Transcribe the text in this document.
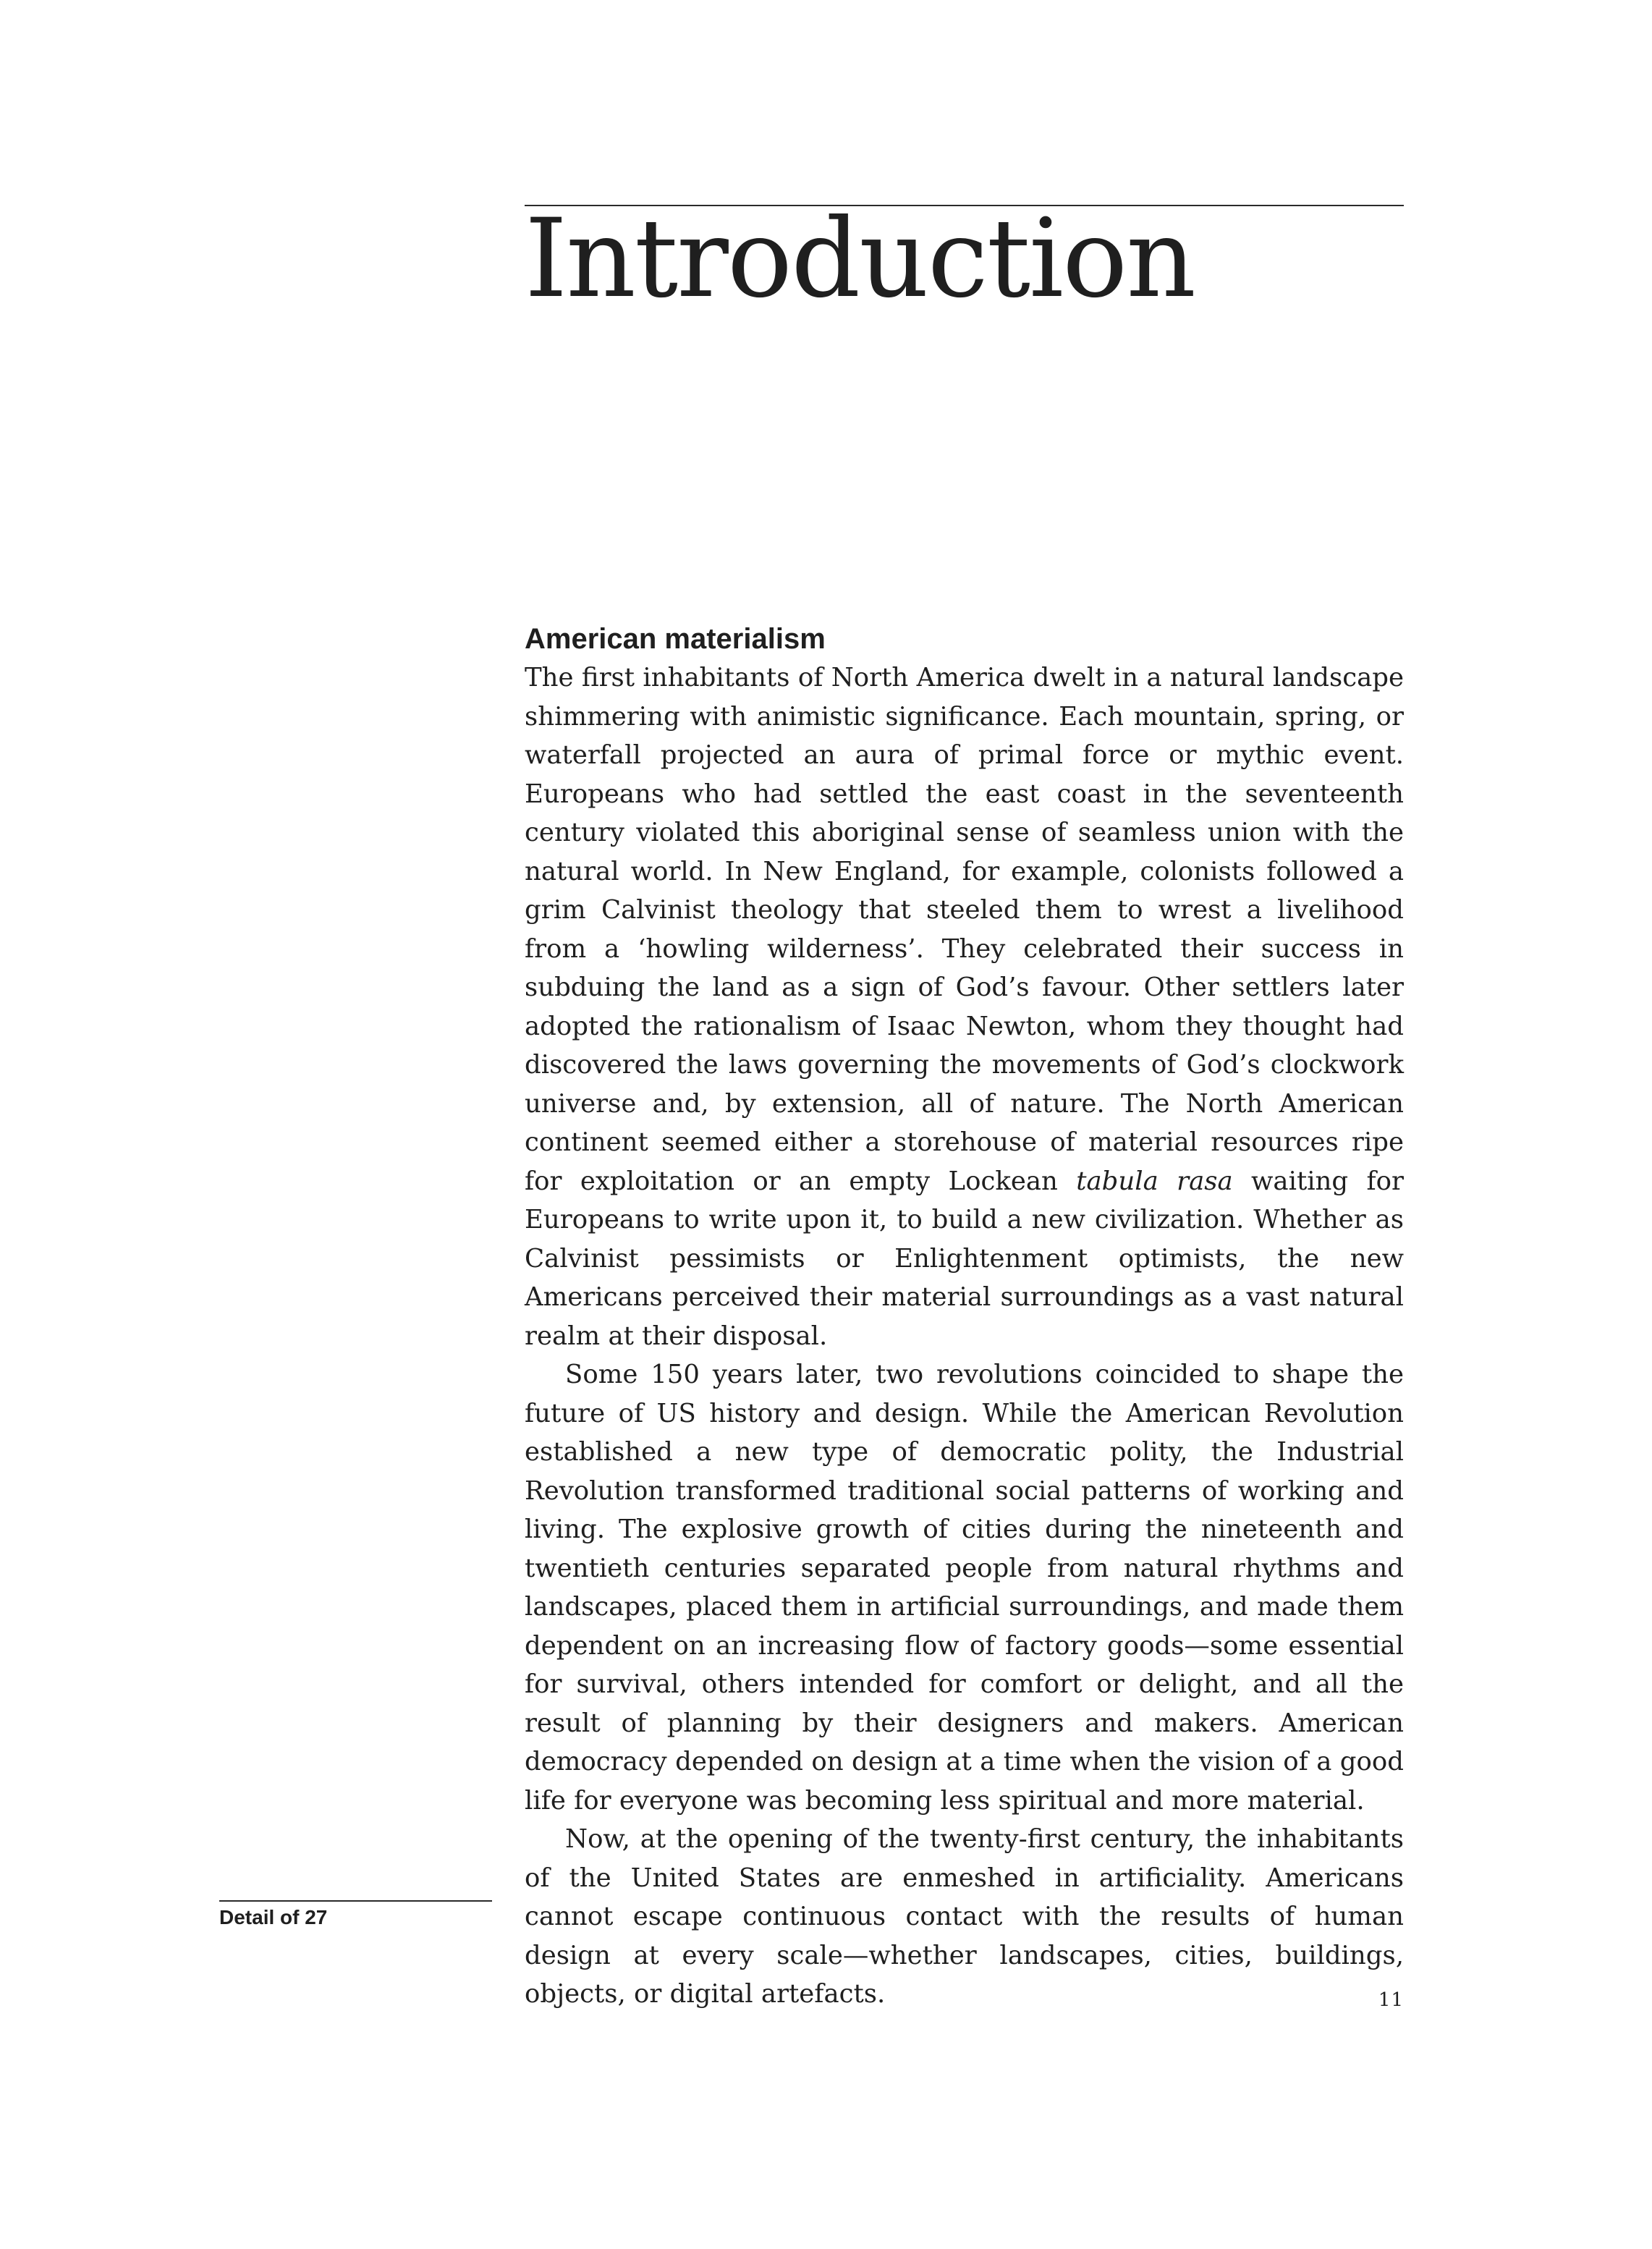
Introduction
American materialism

The first inhabitants of North America dwelt in a natural landscape shimmering with animistic significance. Each mountain, spring, or waterfall projected an aura of primal force or mythic event. Europeans who had settled the east coast in the seventeenth century violated this aboriginal sense of seamless union with the natural world. In New England, for example, colonists followed a grim Calvinist theology that steeled them to wrest a livelihood from a ‘howling wilderness’. They celebrated their success in subduing the land as a sign of God’s favour. Other settlers later adopted the rationalism of Isaac Newton, whom they thought had discovered the laws governing the movements of God’s clockwork universe and, by extension, all of nature. The North American continent seemed either a storehouse of material resources ripe for exploitation or an empty Lockean tabula rasa waiting for Europeans to write upon it, to build a new civilization. Whether as Calvinist pessimists or Enlightenment optimists, the new Americans perceived their material surroundings as a vast natural realm at their disposal.

Some 150 years later, two revolutions coincided to shape the future of US history and design. While the American Revolution established a new type of democratic polity, the Industrial Revolution transformed traditional social patterns of working and living. The explosive growth of cities during the nineteenth and twentieth centuries separated people from natural rhythms and landscapes, placed them in artificial surroundings, and made them dependent on an increasing flow of factory goods—some essential for survival, others intended for comfort or delight, and all the result of planning by their designers and makers. American democracy depended on design at a time when the vision of a good life for everyone was becoming less spiritual and more material.

Now, at the opening of the twenty-first century, the inhabitants of the United States are enmeshed in artificiality. Americans cannot escape continuous contact with the results of human design at every scale—whether landscapes, cities, buildings, objects, or digital artefacts.

Detail of 27
11
